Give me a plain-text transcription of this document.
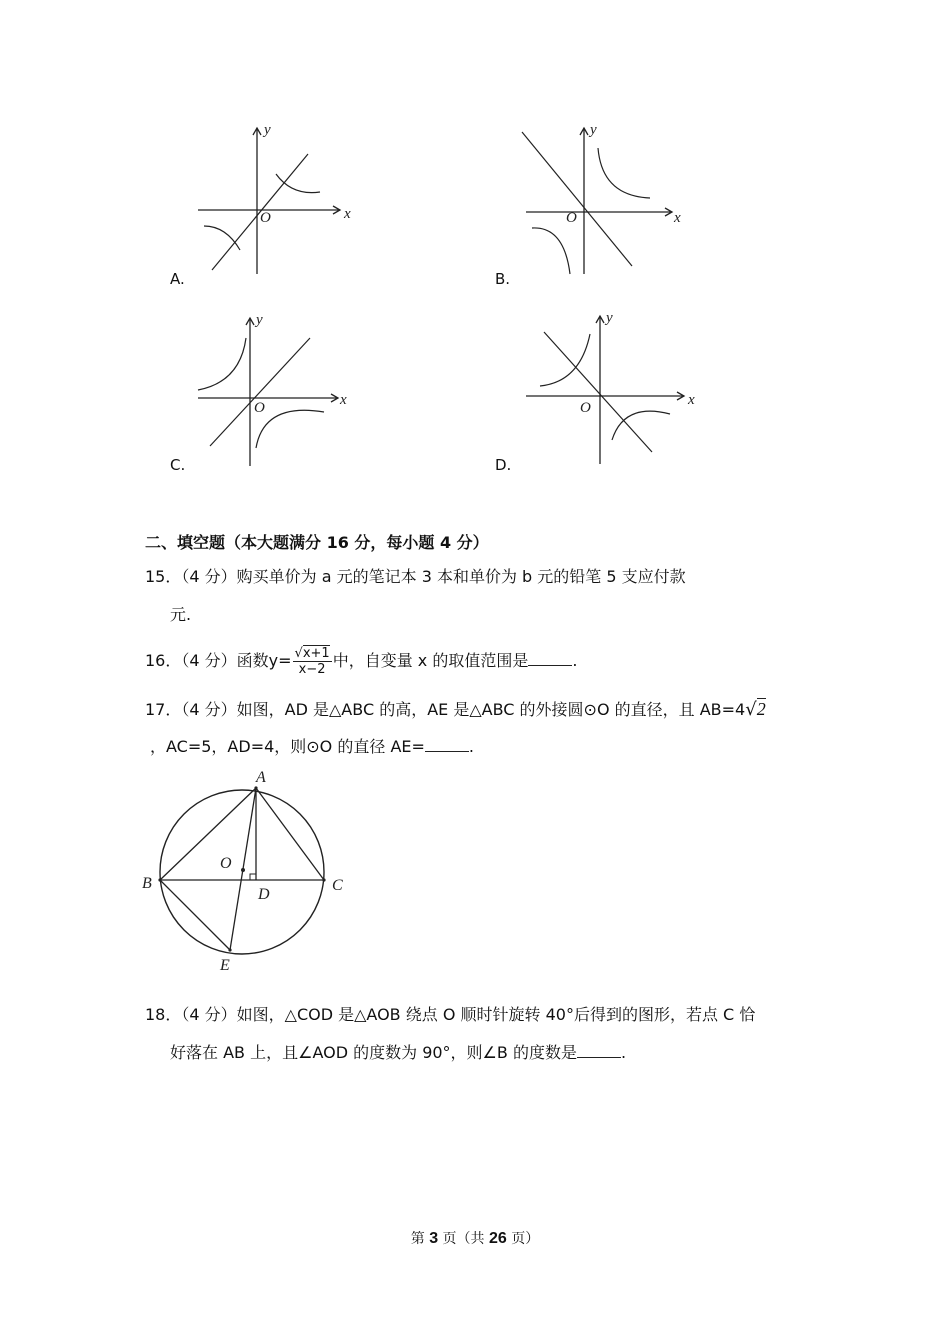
y
x
O
A.
y
x
O
B.
y
x
O
C.
y
x
O
D.
二、填空题（本大题满分 16 分，每小题 4 分）
15．（4 分）购买单价为 a 元的笔记本 3 本和单价为 b 元的铅笔 5 支应付款
元.
16．（4 分）函数$y= \frac{√x+1}{x-2}$ 中，自变量 x 的取值范围是	.
17．（4 分）如图，AD 是△ABC 的高，AE 是△ABC 的外接圆⊙O 的直径，且 AB=4√2
，AC=5，AD=4，则⊙O 的直径 AE=	.
A
B	C
D
E
O
18．（4 分）如图，△COD 是△AOB 绕点 O 顺时针旋转 40°后得到的图形，若点 C 恰
好落在 AB 上，且∠AOD 的度数为 90°，则∠B 的度数是	.
第 3 页（共 26 页）
